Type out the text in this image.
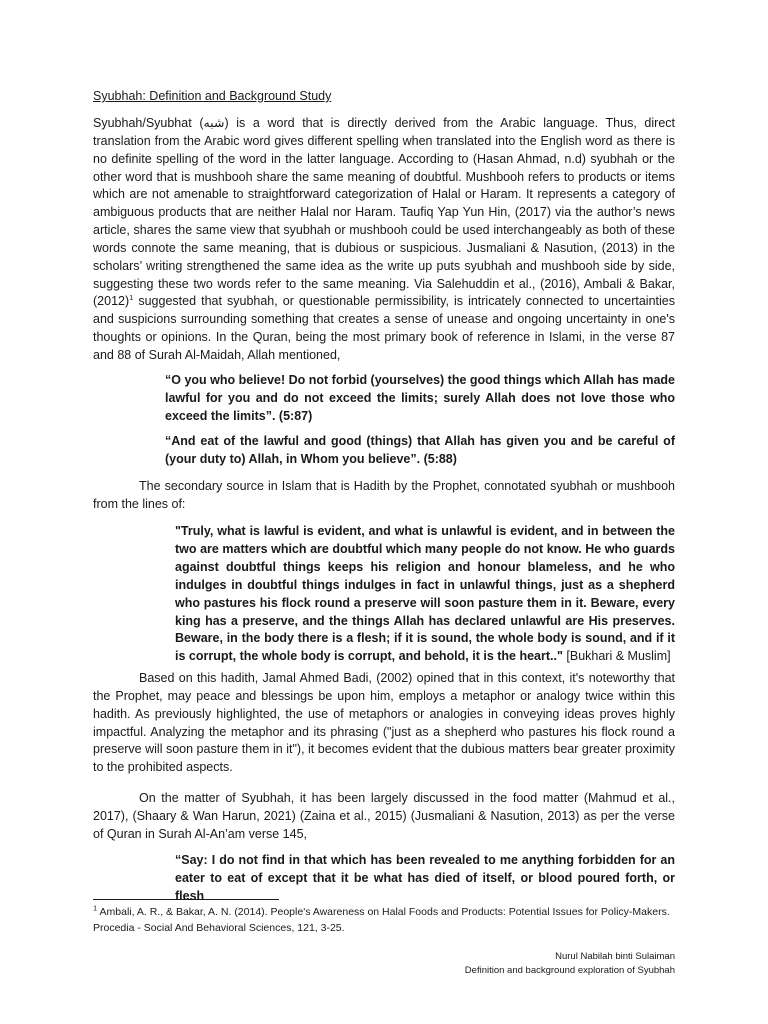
Syubhah: Definition and Background Study

Syubhah/Syubhat (شبه) is a word that is directly derived from the Arabic language. Thus, direct translation from the Arabic word gives different spelling when translated into the English word as there is no definite spelling of the word in the latter language. According to (Hasan Ahmad, n.d) syubhah or the other word that is mushbooh share the same meaning of doubtful. Mushbooh refers to products or items which are not amenable to straightforward categorization of Halal or Haram. It represents a category of ambiguous products that are neither Halal nor Haram. Taufiq Yap Yun Hin, (2017) via the author’s news article, shares the same view that syubhah or mushbooh could be used interchangeably as both of these words connote the same meaning, that is dubious or suspicious. Jusmaliani & Nasution, (2013) in the scholars’ writing strengthened the same idea as the write up puts syubhah and mushbooh side by side, suggesting these two words refer to the same meaning. Via Salehuddin et al., (2016), Ambali & Bakar, $(2012)^1$ suggested that syubhah, or questionable permissibility, is intricately connected to uncertainties and suspicions surrounding something that creates a sense of unease and ongoing uncertainty in one's thoughts or opinions. In the Quran, being the most primary book of reference in Islami, in the verse 87 and 88 of Surah Al-Maidah, Allah mentioned,

“O you who believe! Do not forbid (yourselves) the good things which Allah has made lawful for you and do not exceed the limits; surely Allah does not love those who exceed the limits”. (5:87)

“And eat of the lawful and good (things) that Allah has given you and be careful of (your duty to) Allah, in Whom you believe”. (5:88)

The secondary source in Islam that is Hadith by the Prophet, connotated syubhah or mushbooh from the lines of:

"Truly, what is lawful is evident, and what is unlawful is evident, and in between the two are matters which are doubtful which many people do not know. He who guards against doubtful things keeps his religion and honour blameless, and he who indulges in doubtful things indulges in fact in unlawful things, just as a shepherd who pastures his flock round a preserve will soon pasture them in it. Beware, every king has a preserve, and the things Allah has declared unlawful are His preserves. Beware, in the body there is a flesh; if it is sound, the whole body is sound, and if it is corrupt, the whole body is corrupt, and behold, it is the heart.." [Bukhari & Muslim]

Based on this hadith, Jamal Ahmed Badi, (2002) opined that in this context, it's noteworthy that the Prophet, may peace and blessings be upon him, employs a metaphor or analogy twice within this hadith. As previously highlighted, the use of metaphors or analogies in conveying ideas proves highly impactful. Analyzing the metaphor and its phrasing ("just as a shepherd who pastures his flock round a preserve will soon pasture them in it"), it becomes evident that the dubious matters bear greater proximity to the prohibited aspects.

On the matter of Syubhah, it has been largely discussed in the food matter (Mahmud et al., 2017), (Shaary & Wan Harun, 2021) (Zaina et al., 2015) (Jusmaliani & Nasution, 2013) as per the verse of Quran in Surah Al-An’am verse 145,

“Say: I do not find in that which has been revealed to me anything forbidden for an eater to eat of except that it be what has died of itself, or blood poured forth, or flesh

$^1$ Ambali, A. R., & Bakar, A. N. (2014). People's Awareness on Halal Foods and Products: Potential Issues for Policy-Makers. Procedia - Social And Behavioral Sciences, 121, 3-25.

Nurul Nabilah binti Sulaiman
Definition and background exploration of Syubhah
